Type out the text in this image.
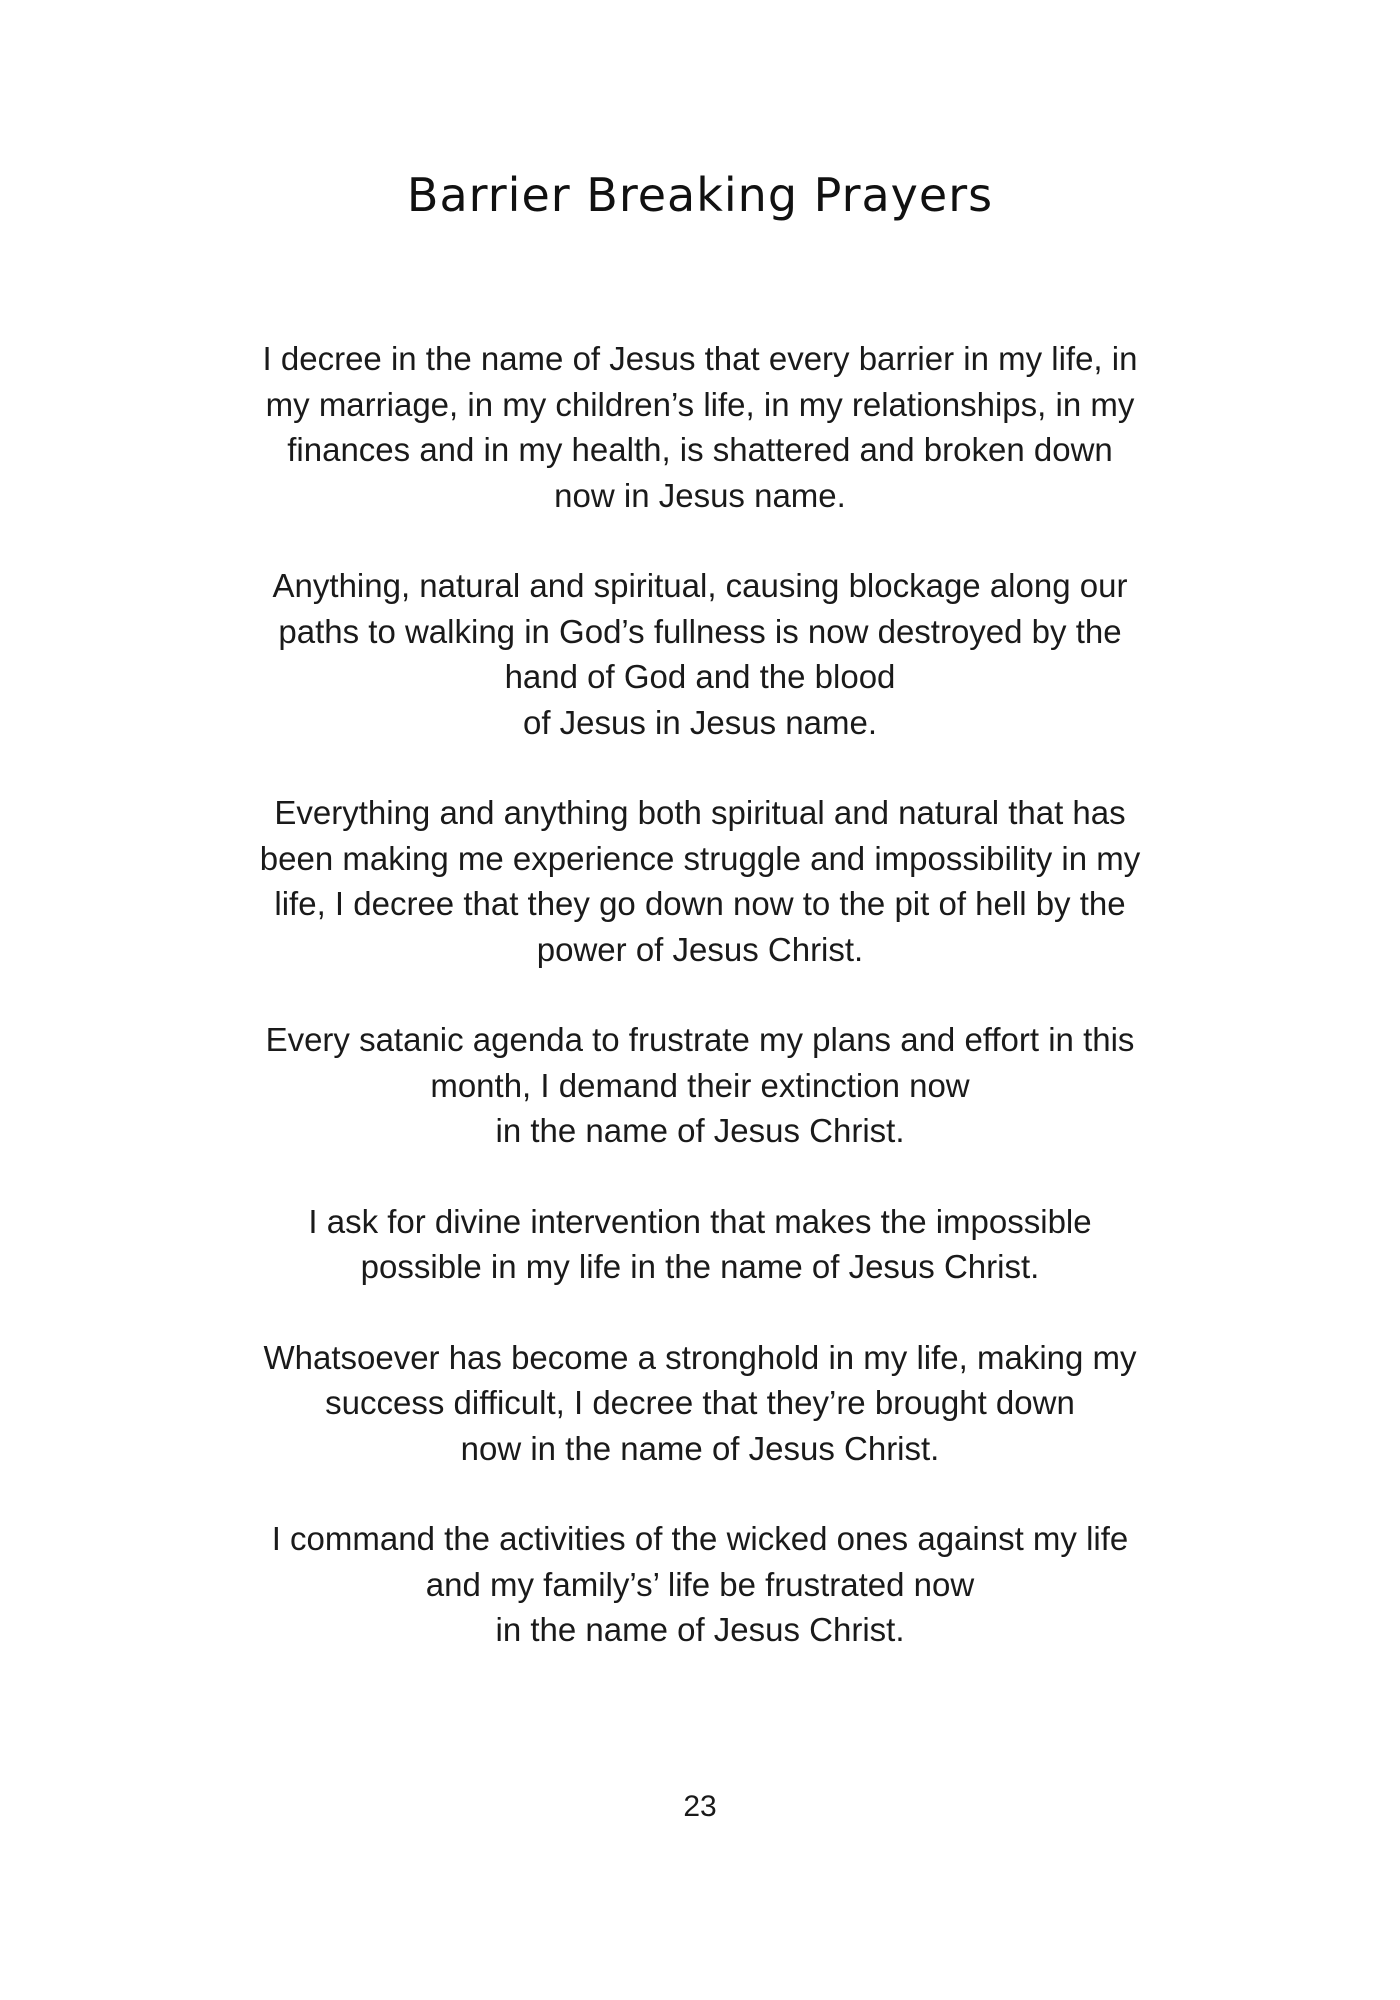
Barrier Breaking Prayers

I decree in the name of Jesus that every barrier in my life, in
my marriage, in my children’s life, in my relationships, in my
finances and in my health, is shattered and broken down
now in Jesus name.

Anything, natural and spiritual, causing blockage along our
paths to walking in God’s fullness is now destroyed by the
hand of God and the blood
of Jesus in Jesus name.

Everything and anything both spiritual and natural that has
been making me experience struggle and impossibility in my
life, I decree that they go down now to the pit of hell by the
power of Jesus Christ.

Every satanic agenda to frustrate my plans and effort in this
month, I demand their extinction now
in the name of Jesus Christ.

I ask for divine intervention that makes the impossible
possible in my life in the name of Jesus Christ.

Whatsoever has become a stronghold in my life, making my
success difficult, I decree that they’re brought down
now in the name of Jesus Christ.

I command the activities of the wicked ones against my life
and my family’s’ life be frustrated now
in the name of Jesus Christ.

23
